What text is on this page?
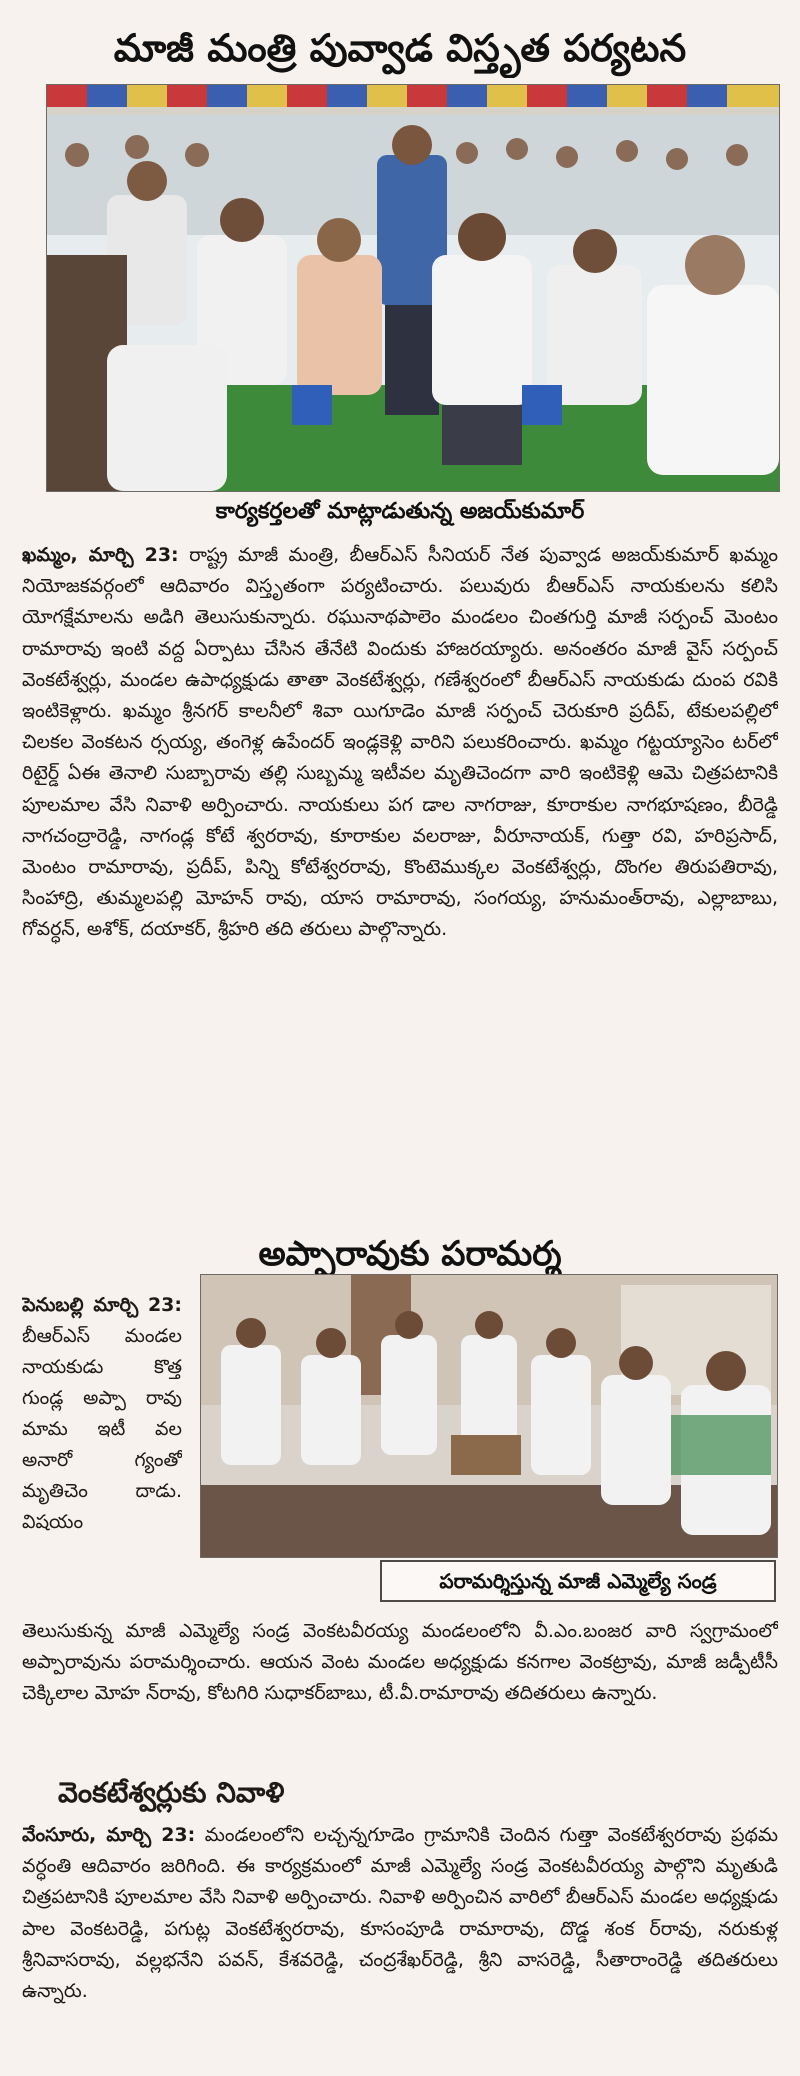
మాజీ మంత్రి పువ్వాడ విస్తృత పర్యటన
కార్యకర్తలతో మాట్లాడుతున్న అజయ్‌కుమార్

ఖమ్మం, మార్చి 23: రాష్ట్ర మాజీ మంత్రి, బీఆర్‌ఎస్ సీనియర్ నేత పువ్వాడ అజయ్‌కుమార్ ఖమ్మం నియోజకవర్గంలో ఆదివారం విస్తృతంగా పర్యటించారు. పలువురు బీఆర్‌ఎస్ నాయకులను కలిసి యోగక్షేమాలను అడిగి తెలుసుకున్నారు. రఘునాథపాలెం మండలం చింతగుర్తి మాజీ సర్పంచ్ మెంటం రామారావు ఇంటి వద్ద ఏర్పాటు చేసిన తేనేటి విందుకు హాజరయ్యారు. అనంతరం మాజీ వైస్ సర్పంచ్ వెంకటేశ్వర్లు, మండల ఉపాధ్యక్షుడు తాతా వెంకటేశ్వర్లు, గణేశ్వరంలో బీఆర్‌ఎస్ నాయకుడు దుంప రవికి ఇంటికెళ్లారు. ఖమ్మం శ్రీనగర్ కాలనీలో శివా యిగూడెం మాజీ సర్పంచ్ చెరుకూరి ప్రదీప్, టేకులపల్లిలో చిలకల వెంకటన ర్సయ్య, తంగెళ్ల ఉపేందర్ ఇండ్లకెళ్లి వారిని పలుకరించారు. ఖమ్మం గట్టయ్యాసెం టర్‌లో రిటైర్డ్ ఏఈ తెనాలి సుబ్బారావు తల్లి సుబ్బమ్మ ఇటీవల మృతిచెందగా వారి ఇంటికెళ్లి ఆమె చిత్రపటానికి పూలమాల వేసి నివాళి అర్పించారు. నాయకులు పగ డాల నాగరాజు, కూరాకుల నాగభూషణం, బీరెడ్డి నాగచంద్రారెడ్డి, నాగండ్ల కోటే శ్వరరావు, కూరాకుల వలరాజు, వీరూనాయక్, గుత్తా రవి, హరిప్రసాద్, మెంటం రామారావు, ప్రదీప్, పిన్ని కోటేశ్వరరావు, కొంటెముక్కల వెంకటేశ్వర్లు, దొంగల తిరుపతిరావు, సింహాద్రి, తుమ్మలపల్లి మోహన్ రావు, యాస రామారావు, సంగయ్య, హనుమంత్‌రావు, ఎల్లాబాబు, గోవర్ధన్, అశోక్, దయాకర్, శ్రీహరి తది తరులు పాల్గొన్నారు.

అప్పారావుకు పరామర్శ
పెనుబల్లి మార్చి 23: బీఆర్‌ఎస్ మండల నాయకుడు కొత్త గుండ్ల అప్పా రావు మామ ఇటీ వల అనారో గ్యంతో మృతిచెం దాడు. విషయం
పరామర్శిస్తున్న మాజీ ఎమ్మెల్యే సండ్ర

తెలుసుకున్న మాజీ ఎమ్మెల్యే సండ్ర వెంకటవీరయ్య మండలంలోని వీ.ఎం.బంజర వారి స్వగ్రామంలో అప్పారావును పరామర్శించారు. ఆయన వెంట మండల అధ్యక్షుడు కనగాల వెంకట్రావు, మాజీ జడ్పీటీసీ చెక్కిలాల మోహ న్‌రావు, కోటగిరి సుధాకర్‌బాబు, టీ.వీ.రామారావు తదితరులు ఉన్నారు.

వెంకటేశ్వర్లుకు నివాళి

వేంసూరు, మార్చి 23: మండలంలోని లచ్చన్నగూడెం గ్రామానికి చెందిన గుత్తా వెంకటేశ్వరరావు ప్రథమ వర్ధంతి ఆదివారం జరిగింది. ఈ కార్యక్రమంలో మాజీ ఎమ్మెల్యే సండ్ర వెంకటవీరయ్య పాల్గొని మృతుడి చిత్రపటానికి పూలమాల వేసి నివాళి అర్పించారు. నివాళి అర్పించిన వారిలో బీఆర్‌ఎస్ మండల అధ్యక్షుడు పాల వెంకటరెడ్డి, పగుట్ల వెంకటేశ్వరరావు, కూసంపూడి రామారావు, దొడ్డ శంక ర్‌రావు, నరుకుళ్ల శ్రీనివాసరావు, వల్లభనేని పవన్, కేశవరెడ్డి, చంద్రశేఖర్‌రెడ్డి, శ్రీని వాసరెడ్డి, సీతారాంరెడ్డి తదితరులు ఉన్నారు.
